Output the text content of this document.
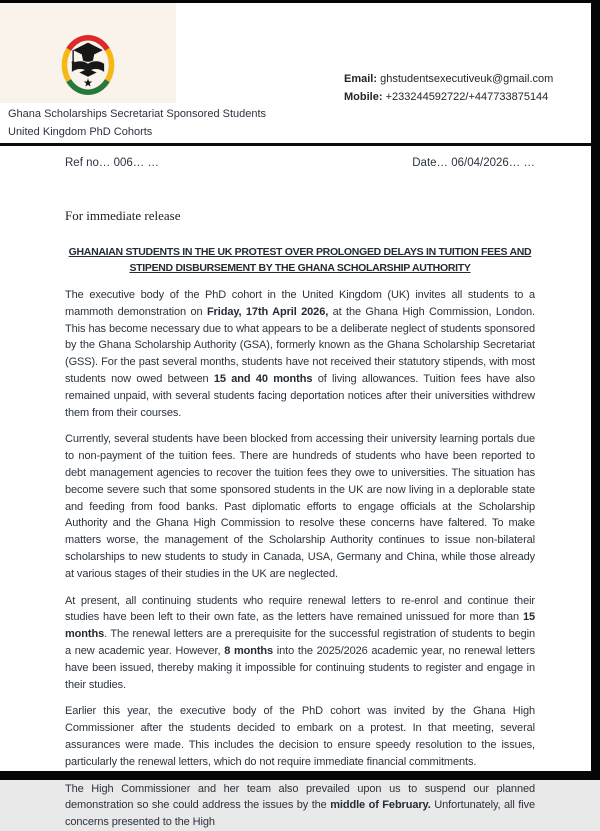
Email: ghstudentsexecutiveuk@gmail.com
Mobile: +233244592722/+447733875144
Ghana Scholarships Secretariat Sponsored Students
United Kingdom PhD Cohorts
Ref no… 006… …	Date… 06/04/2026… …

For immediate release

GHANAIAN STUDENTS IN THE UK PROTEST OVER PROLONGED DELAYS IN TUITION FEES AND STIPEND DISBURSEMENT BY THE GHANA SCHOLARSHIP AUTHORITY

The executive body of the PhD cohort in the United Kingdom (UK) invites all students to a mammoth demonstration on Friday, 17th April 2026, at the Ghana High Commission, London. This has become necessary due to what appears to be a deliberate neglect of students sponsored by the Ghana Scholarship Authority (GSA), formerly known as the Ghana Scholarship Secretariat (GSS). For the past several months, students have not received their statutory stipends, with most students now owed between 15 and 40 months of living allowances. Tuition fees have also remained unpaid, with several students facing deportation notices after their universities withdrew them from their courses.

Currently, several students have been blocked from accessing their university learning portals due to non-payment of the tuition fees. There are hundreds of students who have been reported to debt management agencies to recover the tuition fees they owe to universities. The situation has become severe such that some sponsored students in the UK are now living in a deplorable state and feeding from food banks. Past diplomatic efforts to engage officials at the Scholarship Authority and the Ghana High Commission to resolve these concerns have faltered. To make matters worse, the management of the Scholarship Authority continues to issue non-bilateral scholarships to new students to study in Canada, USA, Germany and China, while those already at various stages of their studies in the UK are neglected.

At present, all continuing students who require renewal letters to re-enrol and continue their studies have been left to their own fate, as the letters have remained unissued for more than 15 months. The renewal letters are a prerequisite for the successful registration of students to begin a new academic year. However, 8 months into the 2025/2026 academic year, no renewal letters have been issued, thereby making it impossible for continuing students to register and engage in their studies.

Earlier this year, the executive body of the PhD cohort was invited by the Ghana High Commissioner after the students decided to embark on a protest. In that meeting, several assurances were made. This includes the decision to ensure speedy resolution to the issues, particularly the renewal letters, which do not require immediate financial commitments.

The High Commissioner and her team also prevailed upon us to suspend our planned demonstration so she could address the issues by the middle of February. Unfortunately, all five concerns presented to the High
